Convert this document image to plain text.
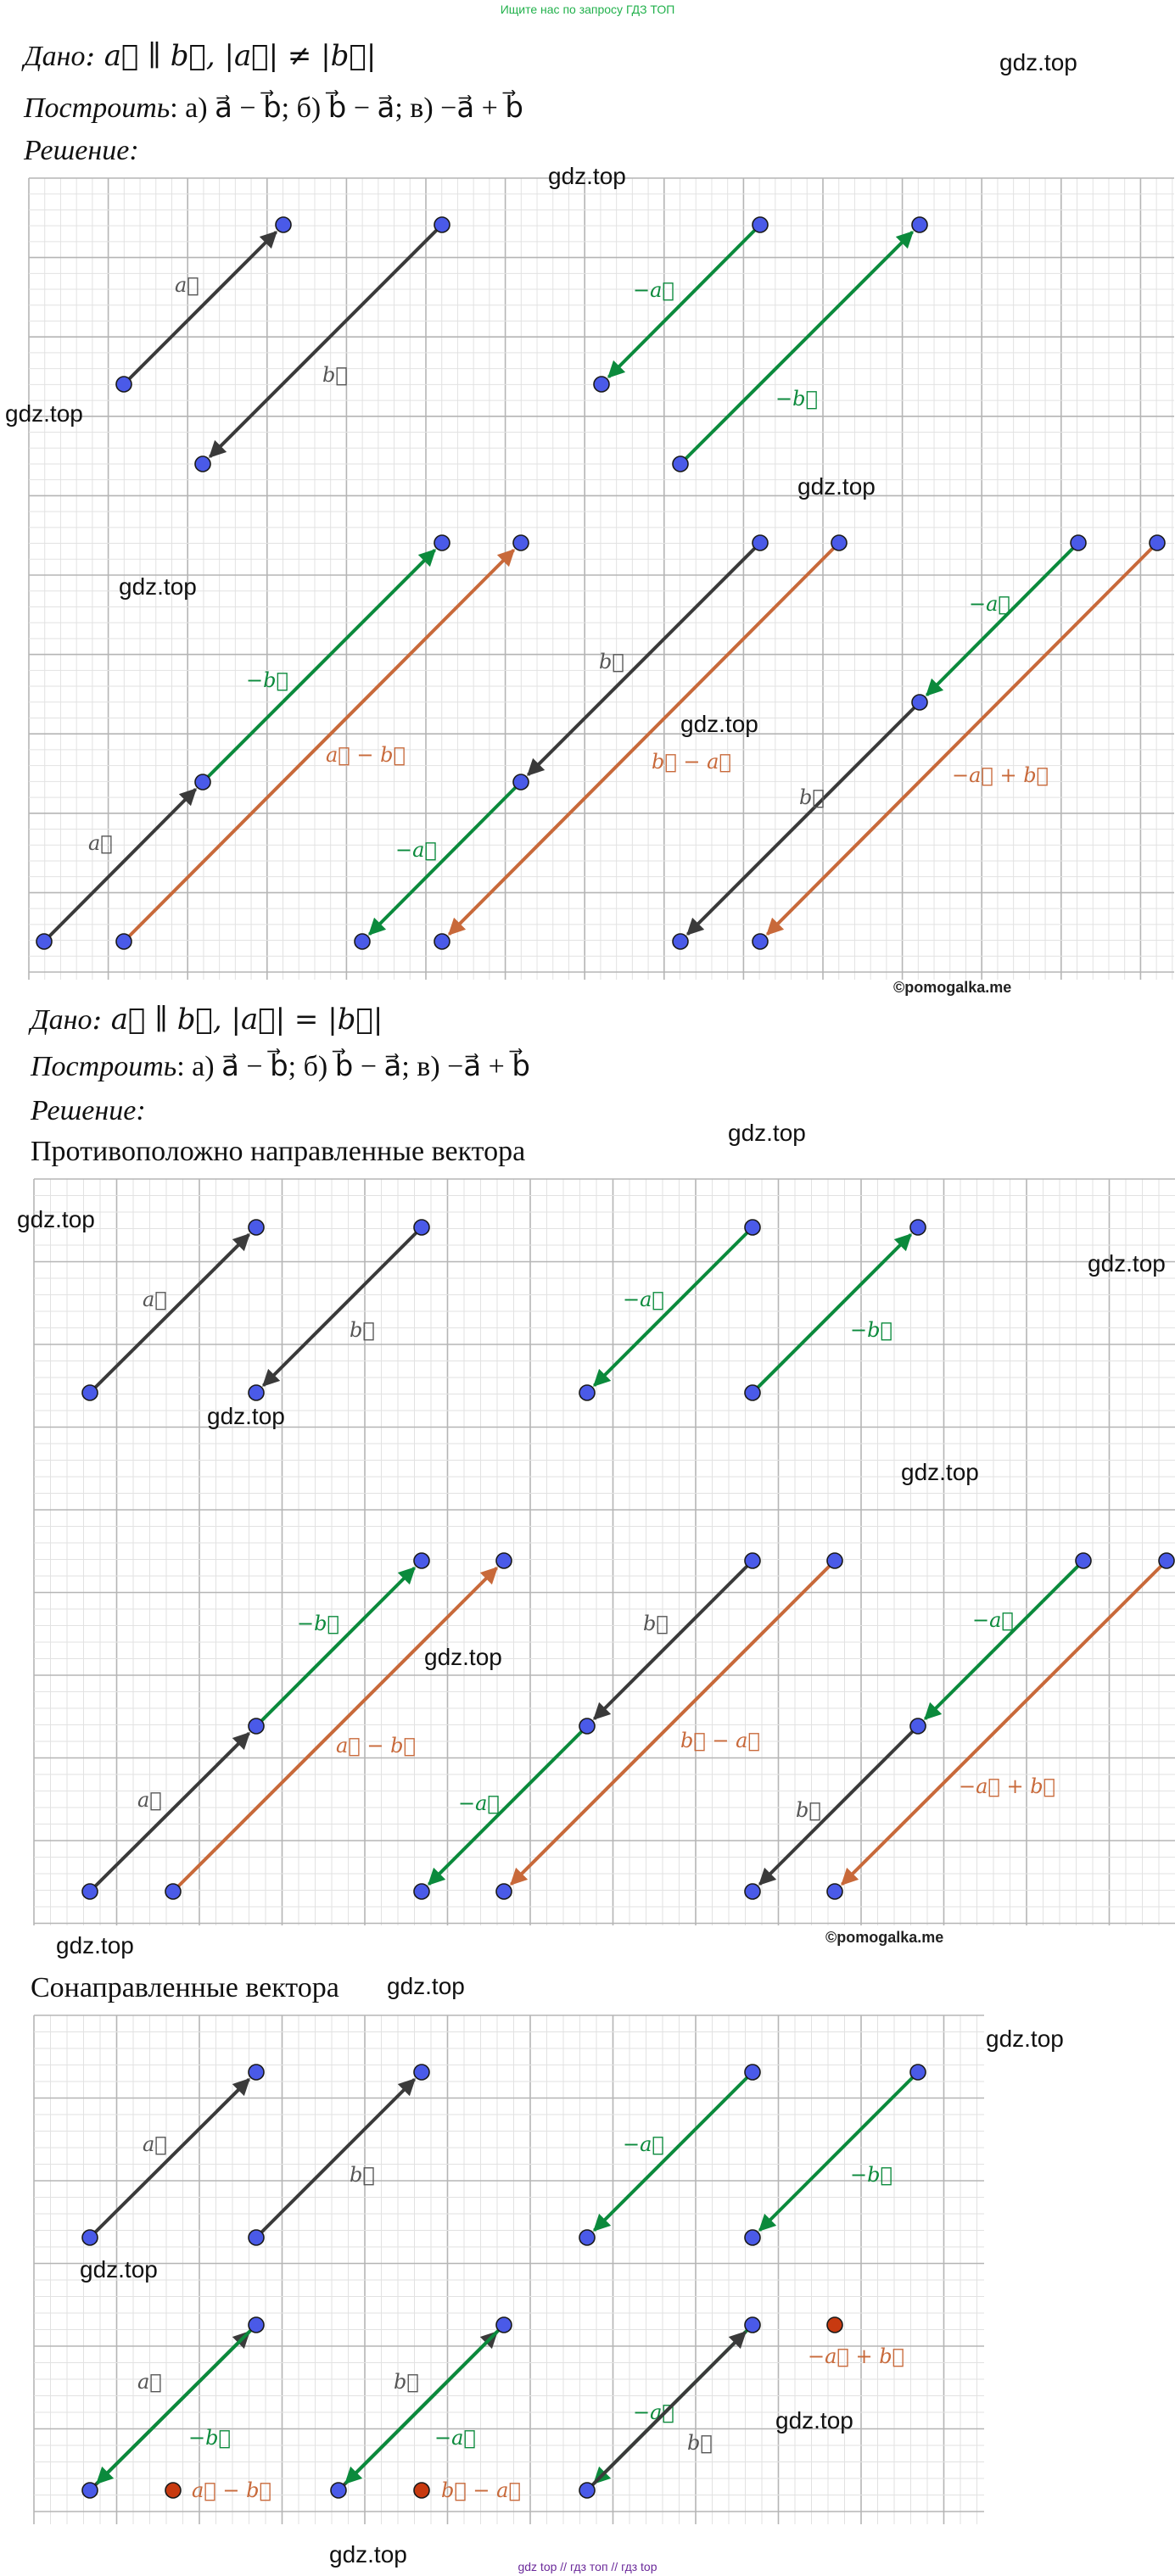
Ищите нас по запросу ГДЗ ТОП
Дано: a⃗ ∥ b⃗, |a⃗| ≠ |b⃗|
Построить: а) a⃗ − b⃗; б) b⃗ − a⃗; в) −a⃗ + b⃗
Решение:
a⃗
b⃗
−a⃗
−b⃗
a⃗
−b⃗
a⃗ − b⃗
b⃗
−a⃗
b⃗ − a⃗
−a⃗
b⃗
−a⃗ + b⃗
Дано: a⃗ ∥ b⃗, |a⃗| = |b⃗|
Построить: а) a⃗ − b⃗; б) b⃗ − a⃗; в) −a⃗ + b⃗
Решение:
Противоположно направленные вектора
a⃗
b⃗
−a⃗
−b⃗
a⃗
−b⃗
a⃗ − b⃗
b⃗
−a⃗
b⃗ − a⃗
−a⃗
b⃗
−a⃗ + b⃗
Сонаправленные вектора
a⃗
b⃗
−a⃗
−b⃗
a⃗
−b⃗
a⃗ − b⃗
b⃗
−a⃗
b⃗ − a⃗
−a⃗
b⃗
−a⃗ + b⃗
©pomogalka.me
©pomogalka.me
gdz.top
gdz.top
gdz.top
gdz.top
gdz.top
gdz.top
gdz.top
gdz.top
gdz.top
gdz.top
gdz.top
gdz.top
gdz.top
gdz.top
gdz.top
gdz.top
gdz.top
gdz.top	gdz top // гдз топ // гдз top
